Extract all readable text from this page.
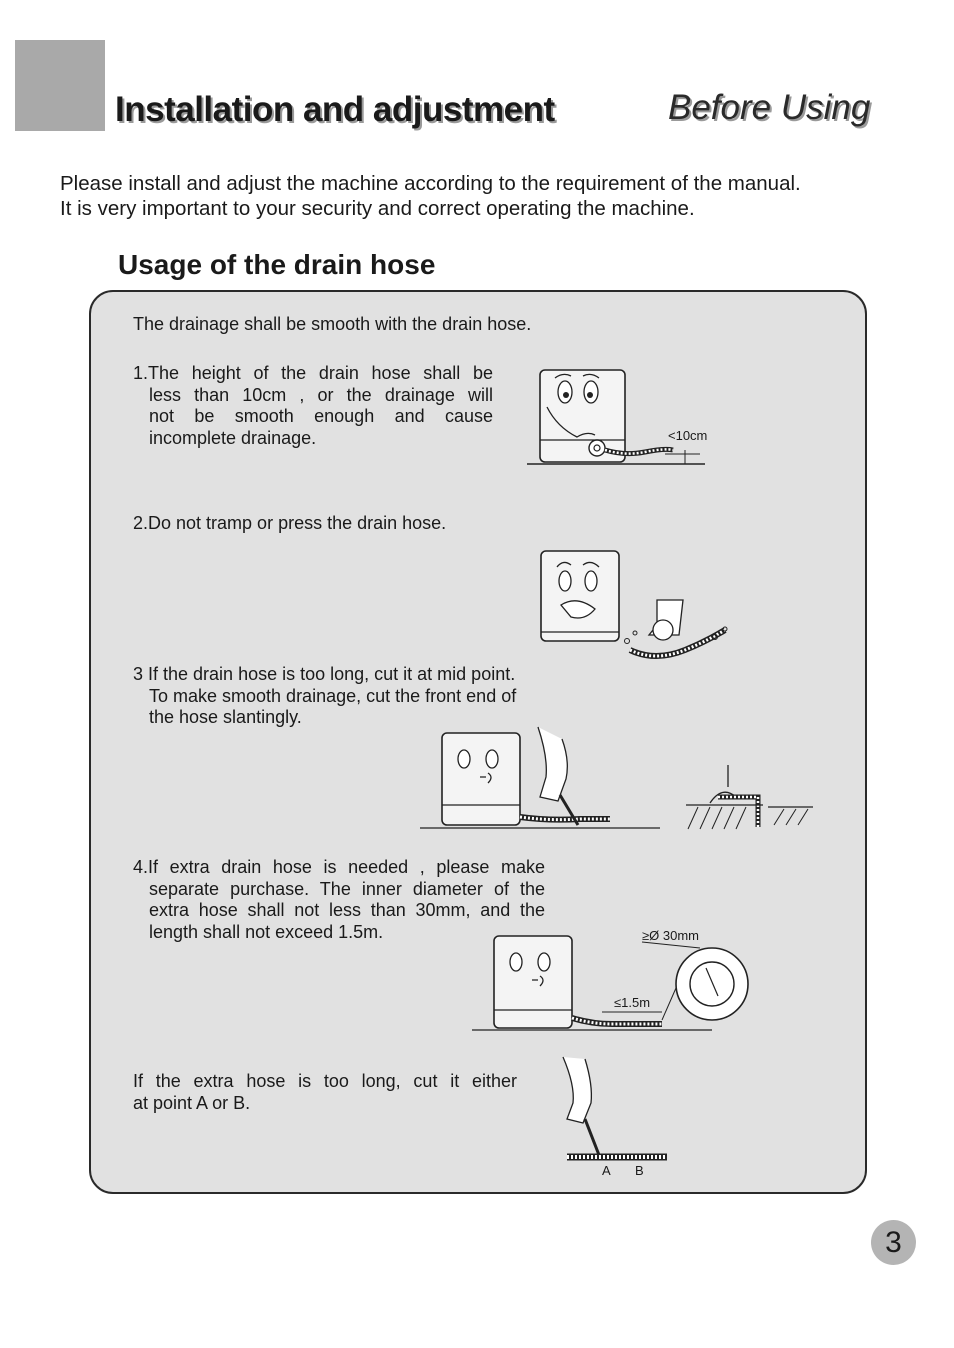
Installation and adjustment	Before Using
Please install and adjust the machine according to the requirement of the manual.
It is very important to your security and correct operating the machine.
Usage of the drain hose
The drainage shall be smooth with the drain hose.
1.The height of the drain hose shall be
less than 10cm , or the drainage will
not be smooth enough and cause
incomplete drainage.
2.Do not tramp or press the drain hose.
3 If the drain hose is too long, cut it at mid point.
To make smooth drainage, cut the front end of
the hose slantingly.
4.If extra drain hose is needed , please make
separate purchase. The inner diameter of the
extra hose shall not less than 30mm, and the
length shall not exceed 1.5m.
If the extra hose is too long, cut it either
at point A or B.
<10cm
≥Ø 30mm
≤1.5m
A B
3
